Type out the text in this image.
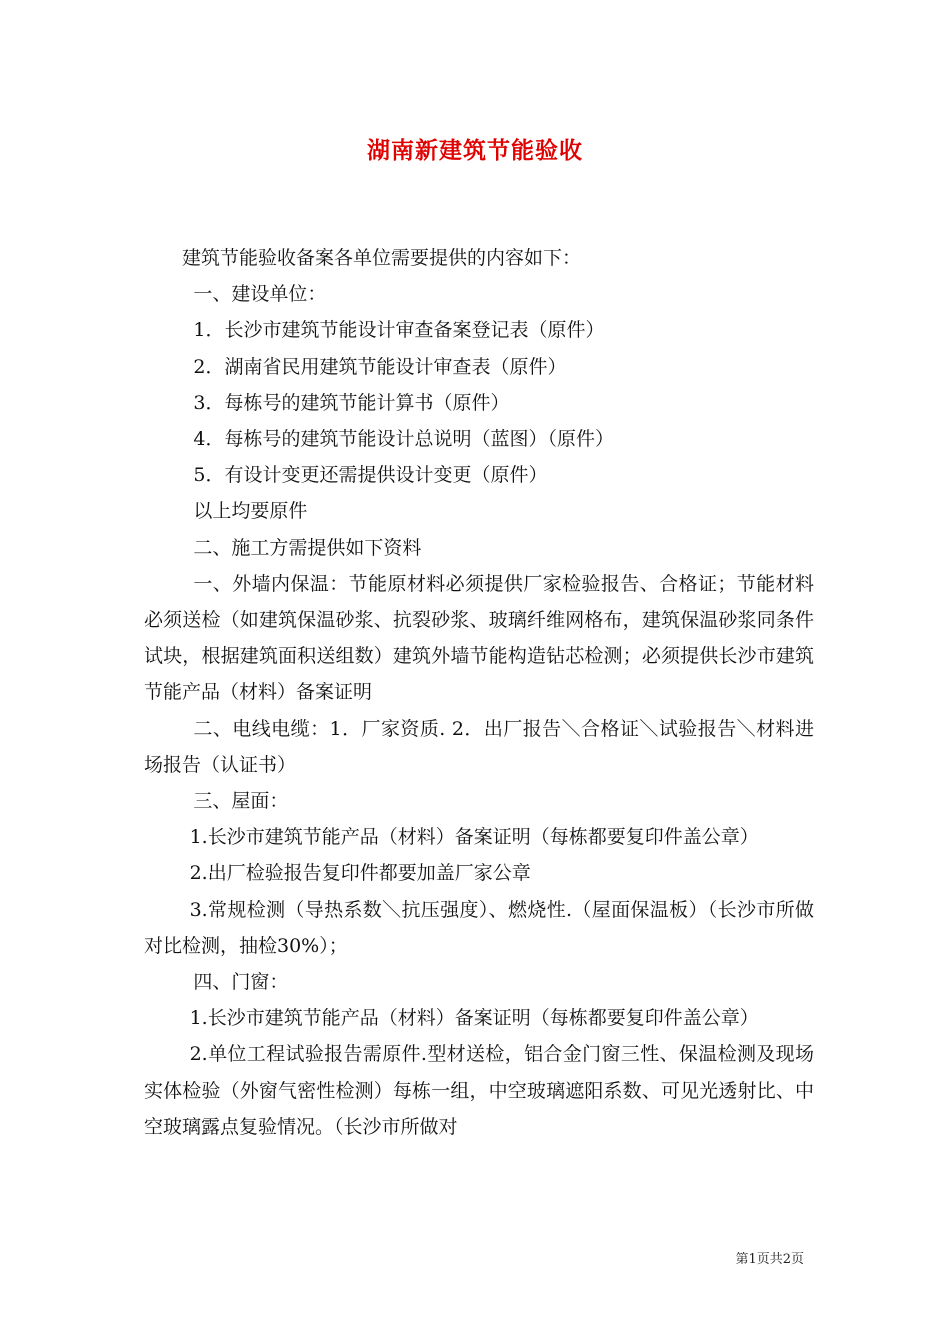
湖南新建筑节能验收

建筑节能验收备案各单位需要提供的内容如下：

一、建设单位：

1．长沙市建筑节能设计审查备案登记表（原件）

2．湖南省民用建筑节能设计审查表（原件）

3．每栋号的建筑节能计算书（原件）

4．每栋号的建筑节能设计总说明（蓝图）（原件）

5．有设计变更还需提供设计变更（原件）

以上均要原件

二、施工方需提供如下资料

一、外墙内保温：节能原材料必须提供厂家检验报告、合格证；节能材料必须送检（如建筑保温砂浆、抗裂砂浆、玻璃纤维网格布，建筑保温砂浆同条件试块，根据建筑面积送组数）建筑外墙节能构造钻芯检测；必须提供长沙市建筑节能产品（材料）备案证明

二、电线电缆：1．厂家资质. 2．出厂报告＼合格证＼试验报告＼材料进场报告（认证书）

三、屋面：

1.长沙市建筑节能产品（材料）备案证明（每栋都要复印件盖公章）

2.出厂检验报告复印件都要加盖厂家公章

3.常规检测（导热系数＼抗压强度）、燃烧性.（屋面保温板）（长沙市所做对比检测，抽检30%）；

四、门窗：

1.长沙市建筑节能产品（材料）备案证明（每栋都要复印件盖公章）

2.单位工程试验报告需原件.型材送检，铝合金门窗三性、保温检测及现场实体检验（外窗气密性检测）每栋一组，中空玻璃遮阳系数、可见光透射比、中空玻璃露点复验情况。（长沙市所做对

第1页共2页
